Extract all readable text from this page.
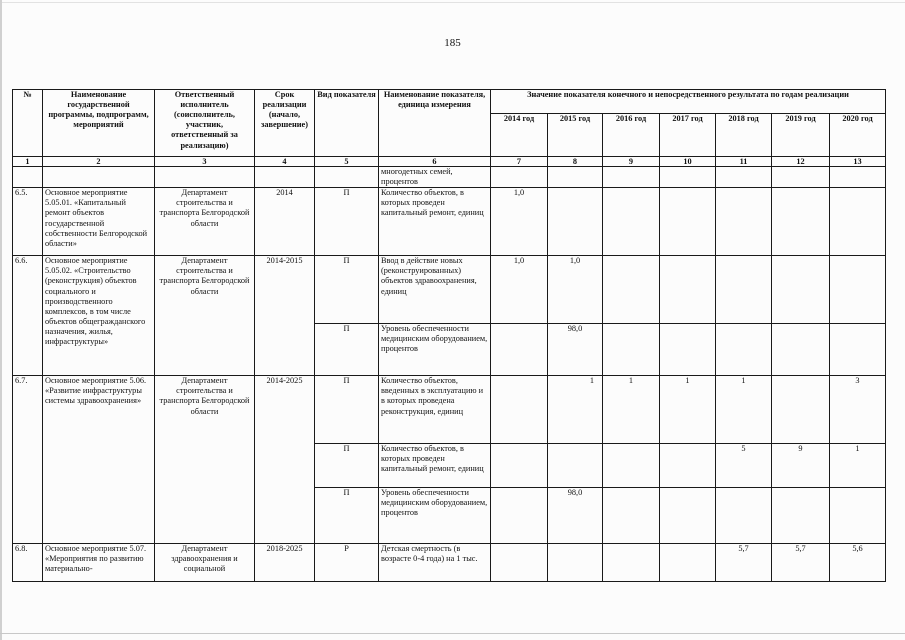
185
№	Наименование государственной программы, подпрограмм, мероприятий	Ответственный исполнитель (соисполнитель, участник, ответственный за реализацию)	Срок реализации (начало, завершение)	Вид показателя	Наименование показателя, единица измерения	Значение показателя конечного и непосредственного результата по годам реализации						
						2014 год	2015 год	2016 год	2017 год	2018 год	2019 год	2020 год
1	2	3	4	5	6	7	8	9	10	11	12	13
					многодетных семей, процентов							
6.5.	Основное мероприятие 5.05.01. «Капитальный ремонт объектов государственной собственности Белгородской области»	Департамент строительства и транспорта Белгородской области	2014	П	Количество объектов, в которых проведен капитальный ремонт, единиц	1,0						
6.6.	Основное мероприятие 5.05.02. «Строительство (реконструкция) объектов социального и производственного комплексов, в том числе объектов общегражданского назначения, жилья, инфраструктуры»	Департамент строительства и транспорта Белгородской области	2014-2015	П	Ввод в действие новых (реконструированных) объектов здравоохранения, единиц	1,0	1,0					
				П	Уровень обеспеченности медицинским оборудованием, процентов		98,0					
6.7.	Основное мероприятие 5.06. «Развитие инфраструктуры системы здравоохранения»	Департамент строительства и транспорта Белгородской области	2014-2025	П	Количество объектов, введенных в эксплуатацию и в которых проведена реконструкция, единиц		1	1	1	1		3
				П	Количество объектов, в которых проведен капитальный ремонт, единиц					5	9	1
				П	Уровень обеспеченности медицинским оборудованием, процентов		98,0					
6.8.	Основное мероприятие 5.07. «Мероприятия по развитию материально-	Департамент здравоохранения и социальной	2018-2025	Р	Детская смертность (в возрасте 0-4 года) на 1 тыс.					5,7	5,7	5,6
